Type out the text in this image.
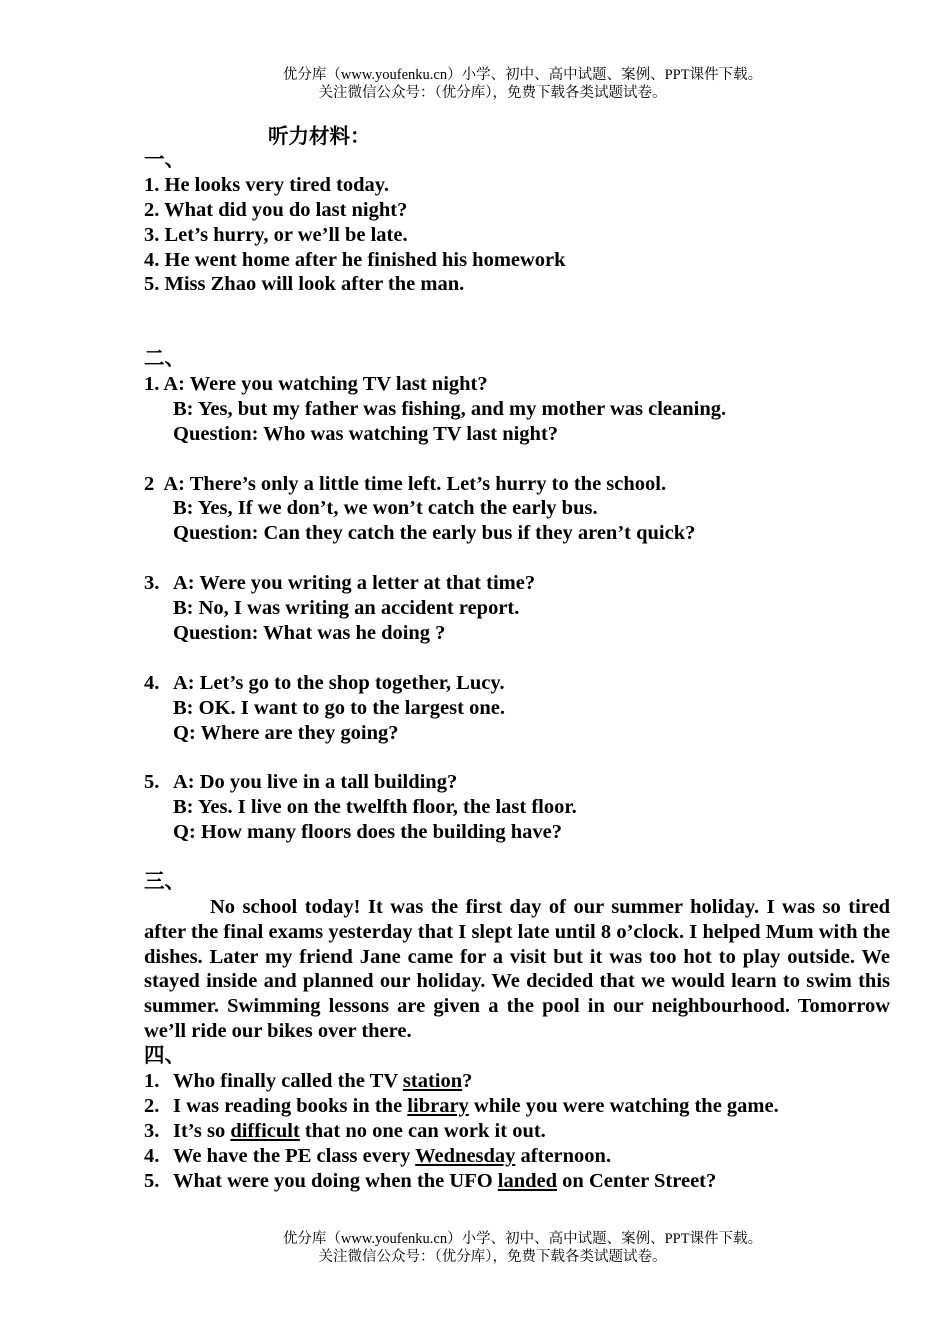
优分库（www.youfenku.cn）小学、初中、高中试题、案例、PPT课件下载。
关注微信公众号：（优分库），免费下载各类试题试卷。
听力材料：
一、
1. He looks very tired today.
2. What did you do last night?
3. Let’s hurry, or we’ll be late.
4. He went home after he finished his homework
5. Miss Zhao will look after the man.
二、
1. A: Were you watching TV last night?
B: Yes, but my father was fishing, and my mother was cleaning.
Question: Who was watching TV last night?
2 A: There’s only a little time left. Let’s hurry to the school.
B: Yes, If we don’t, we won’t catch the early bus.
Question: Can they catch the early bus if they aren’t quick?
3. A: Were you writing a letter at that time?
B: No, I was writing an accident report.
Question: What was he doing ?
4. A: Let’s go to the shop together, Lucy.
B: OK. I want to go to the largest one.
Q: Where are they going?
5. A: Do you live in a tall building?
B: Yes. I live on the twelfth floor, the last floor.
Q: How many floors does the building have?
三、
No school today! It was the first day of our summer holiday. I was so tired after the final exams yesterday that I slept late until 8 o’clock. I helped Mum with the dishes. Later my friend Jane came for a visit but it was too hot to play outside. We stayed inside and planned our holiday. We decided that we would learn to swim this summer. Swimming lessons are given a the pool in our neighbourhood. Tomorrow we’ll ride our bikes over there.
四、
1. Who finally called the TV station?
2. I was reading books in the library while you were watching the game.
3. It’s so difficult that no one can work it out.
4. We have the PE class every Wednesday afternoon.
5. What were you doing when the UFO landed on Center Street?
优分库（www.youfenku.cn）小学、初中、高中试题、案例、PPT课件下载。
关注微信公众号：（优分库），免费下载各类试题试卷。
